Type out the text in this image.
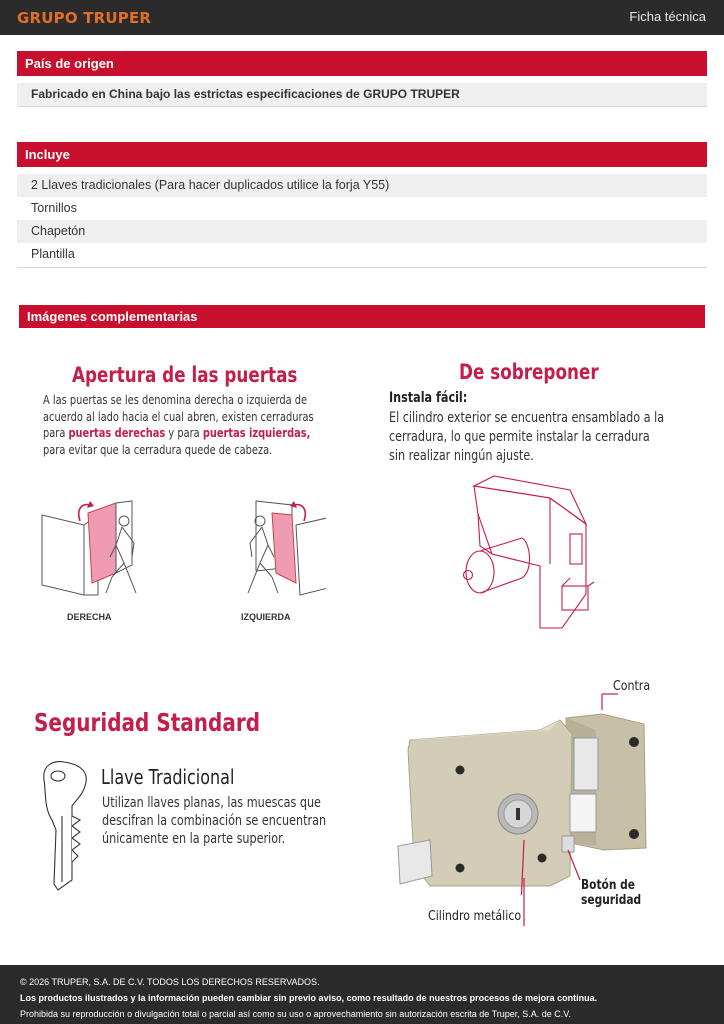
GRUPO TRUPER	Ficha técnica
País de origen
Fabricado en China bajo las estrictas especificaciones de GRUPO TRUPER
Incluye
2 Llaves tradicionales (Para hacer duplicados utilice la forja Y55)
Tornillos
Chapetón
Plantilla
Imágenes complementarias
Apertura de las puertas
A las puertas se les denomina derecha o izquierda de
acuerdo al lado hacia el cual abren, existen cerraduras
para puertas derechas y para puertas izquierdas,
para evitar que la cerradura quede de cabeza.
DERECHA	IZQUIERDA
De sobreponer
Instala fácil:
El cilindro exterior se encuentra ensamblado a la
cerradura, lo que permite instalar la cerradura
sin realizar ningún ajuste.
Seguridad Standard
Llave Tradicional
Utilizan llaves planas, las muescas que
descifran la combinación se encuentran
únicamente en la parte superior.
Contra
Botón de
seguridad
Cilindro metálico
© 2026 TRUPER, S.A. DE C.V. TODOS LOS DERECHOS RESERVADOS.
Los productos ilustrados y la información pueden cambiar sin previo aviso, como resultado de nuestros procesos de mejora continua.
Prohibida su reproducción o divulgación total o parcial así como su uso o aprovechamiento sin autorización escrita de Truper, S.A. de C.V.
